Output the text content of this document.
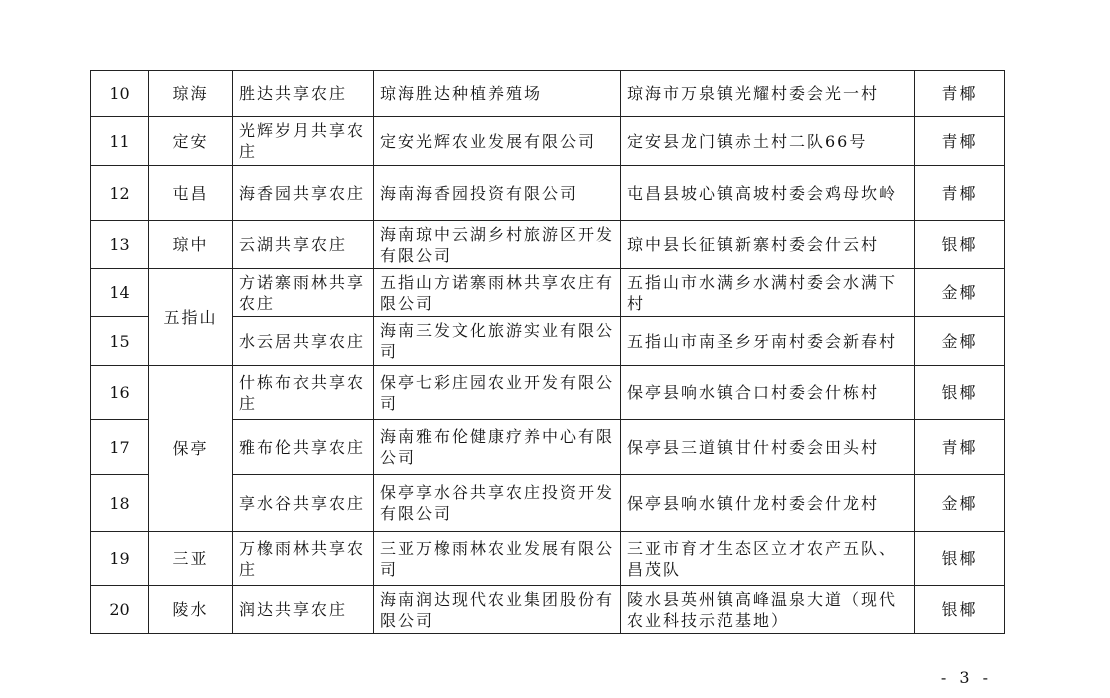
10	琼海	胜达共享农庄	琼海胜达种植养殖场	琼海市万泉镇光耀村委会光一村	青椰
11	定安	光辉岁月共享农庄	定安光辉农业发展有限公司	定安县龙门镇赤土村二队66号	青椰
12	屯昌	海香园共享农庄	海南海香园投资有限公司	屯昌县坡心镇高坡村委会鸡母坎岭	青椰
13	琼中	云湖共享农庄	海南琼中云湖乡村旅游区开发有限公司	琼中县长征镇新寨村委会什云村	银椰
14	五指山	方诺寨雨林共享农庄	五指山方诺寨雨林共享农庄有限公司	五指山市水满乡水满村委会水满下村	金椰
15		水云居共享农庄	海南三发文化旅游实业有限公司	五指山市南圣乡牙南村委会新春村	金椰
16	保亭	什栋布衣共享农庄	保亭七彩庄园农业开发有限公司	保亭县响水镇合口村委会什栋村	银椰
17		雅布伦共享农庄	海南雅布伦健康疗养中心有限公司	保亭县三道镇甘什村委会田头村	青椰
18		享水谷共享农庄	保亭享水谷共享农庄投资开发有限公司	保亭县响水镇什龙村委会什龙村	金椰
19	三亚	万橡雨林共享农庄	三亚万橡雨林农业发展有限公司	三亚市育才生态区立才农产五队、昌茂队	银椰
20	陵水	润达共享农庄	海南润达现代农业集团股份有限公司	陵水县英州镇高峰温泉大道（现代农业科技示范基地）	银椰
- 3 -
